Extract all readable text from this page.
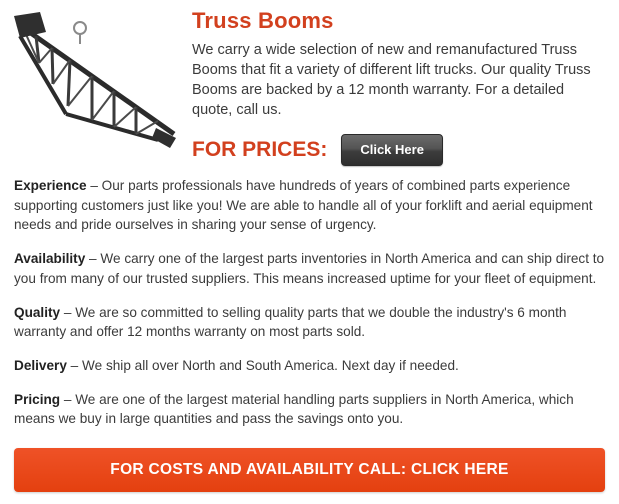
Truss Booms

We carry a wide selection of new and remanufactured Truss Booms that fit a variety of different lift trucks. Our quality Truss Booms are backed by a 12 month warranty. For a detailed quote, call us.

FOR PRICES:	Click Here

Experience – Our parts professionals have hundreds of years of combined parts experience supporting customers just like you! We are able to handle all of your forklift and aerial equipment needs and pride ourselves in sharing your sense of urgency.

Availability – We carry one of the largest parts inventories in North America and can ship direct to you from many of our trusted suppliers. This means increased uptime for your fleet of equipment.

Quality – We are so committed to selling quality parts that we double the industry's 6 month warranty and offer 12 months warranty on most parts sold.

Delivery – We ship all over North and South America. Next day if needed.

Pricing – We are one of the largest material handling parts suppliers in North America, which means we buy in large quantities and pass the savings onto you.

FOR COSTS AND AVAILABILITY CALL: CLICK HERE
